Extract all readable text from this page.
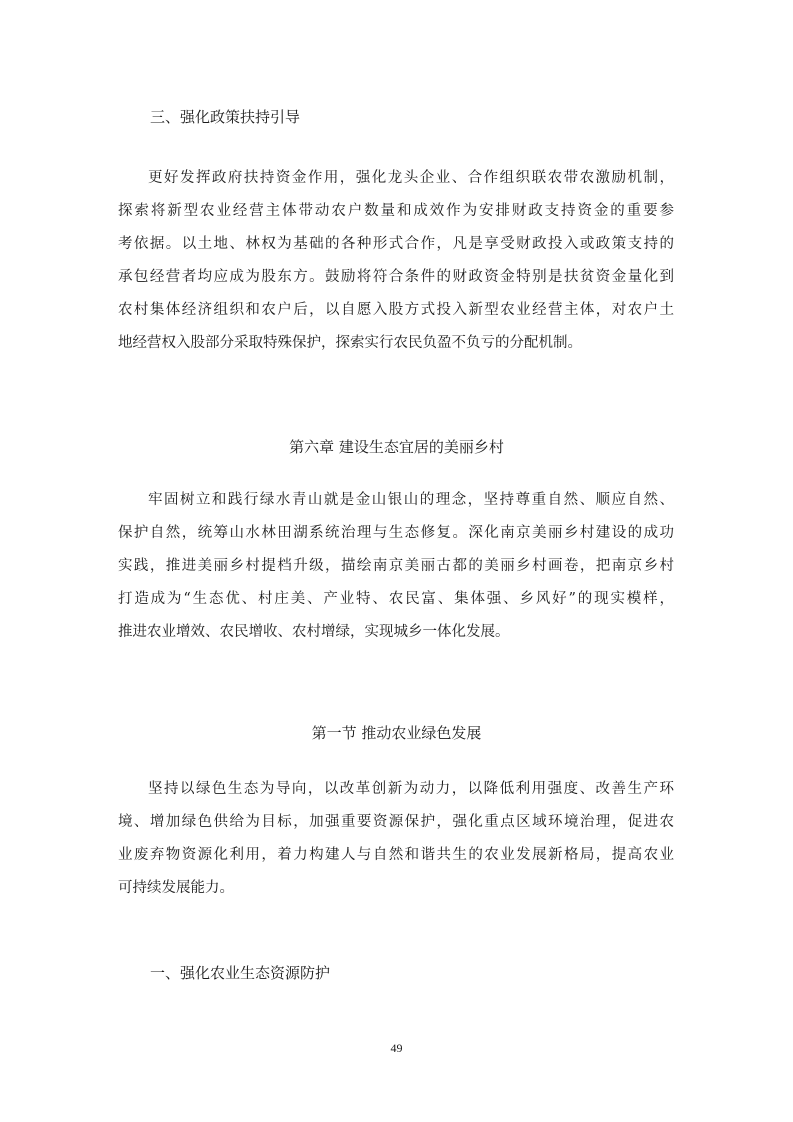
三、强化政策扶持引导
更好发挥政府扶持资金作用，强化龙头企业、合作组织联农带农激励机制，
探索将新型农业经营主体带动农户数量和成效作为安排财政支持资金的重要参
考依据。以土地、林权为基础的各种形式合作，凡是享受财政投入或政策支持的
承包经营者均应成为股东方。鼓励将符合条件的财政资金特别是扶贫资金量化到
农村集体经济组织和农户后，以自愿入股方式投入新型农业经营主体，对农户土
地经营权入股部分采取特殊保护，探索实行农民负盈不负亏的分配机制。
第六章 建设生态宜居的美丽乡村
牢固树立和践行绿水青山就是金山银山的理念，坚持尊重自然、顺应自然、
保护自然，统筹山水林田湖系统治理与生态修复。深化南京美丽乡村建设的成功
实践，推进美丽乡村提档升级，描绘南京美丽古都的美丽乡村画卷，把南京乡村
打造成为“生态优、村庄美、产业特、农民富、集体强、乡风好”的现实模样，
推进农业增效、农民增收、农村增绿，实现城乡一体化发展。
第一节 推动农业绿色发展
坚持以绿色生态为导向，以改革创新为动力，以降低利用强度、改善生产环
境、增加绿色供给为目标，加强重要资源保护，强化重点区域环境治理，促进农
业废弃物资源化利用，着力构建人与自然和谐共生的农业发展新格局，提高农业
可持续发展能力。
一、强化农业生态资源防护
49
